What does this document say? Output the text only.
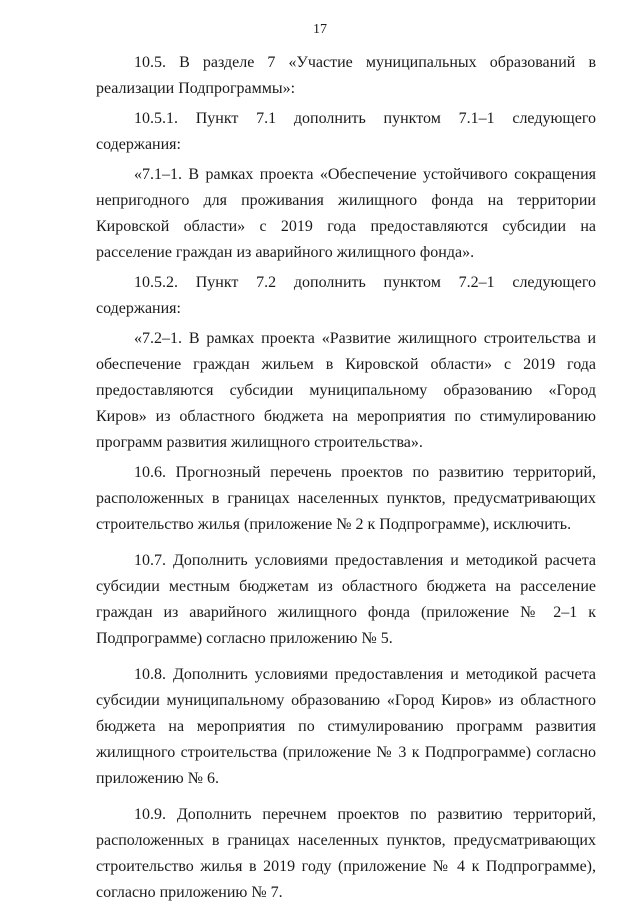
17

10.5. В разделе 7 «Участие муниципальных образований в реализации Подпрограммы»:

10.5.1. Пункт 7.1 дополнить пунктом 7.1–1 следующего содержания:

«7.1–1. В рамках проекта «Обеспечение устойчивого сокращения непригодного для проживания жилищного фонда на территории Кировской области» с 2019 года предоставляются субсидии на расселение граждан из аварийного жилищного фонда».

10.5.2. Пункт 7.2 дополнить пунктом 7.2–1 следующего содержания:

«7.2–1. В рамках проекта «Развитие жилищного строительства и обеспечение граждан жильем в Кировской области» с 2019 года предоставляются субсидии муниципальному образованию «Город Киров» из областного бюджета на мероприятия по стимулированию программ развития жилищного строительства».

10.6. Прогнозный перечень проектов по развитию территорий, расположенных в границах населенных пунктов, предусматривающих строительство жилья (приложение № 2 к Подпрограмме), исключить.

10.7. Дополнить условиями предоставления и методикой расчета субсидии местным бюджетам из областного бюджета на расселение граждан из аварийного жилищного фонда (приложение № 2–1 к Подпрограмме) согласно приложению № 5.

10.8. Дополнить условиями предоставления и методикой расчета субсидии муниципальному образованию «Город Киров» из областного бюджета на мероприятия по стимулированию программ развития жилищного строительства (приложение № 3 к Подпрограмме) согласно приложению № 6.

10.9. Дополнить перечнем проектов по развитию территорий, расположенных в границах населенных пунктов, предусматривающих строительство жилья в 2019 году (приложение № 4 к Подпрограмме), согласно приложению № 7.
